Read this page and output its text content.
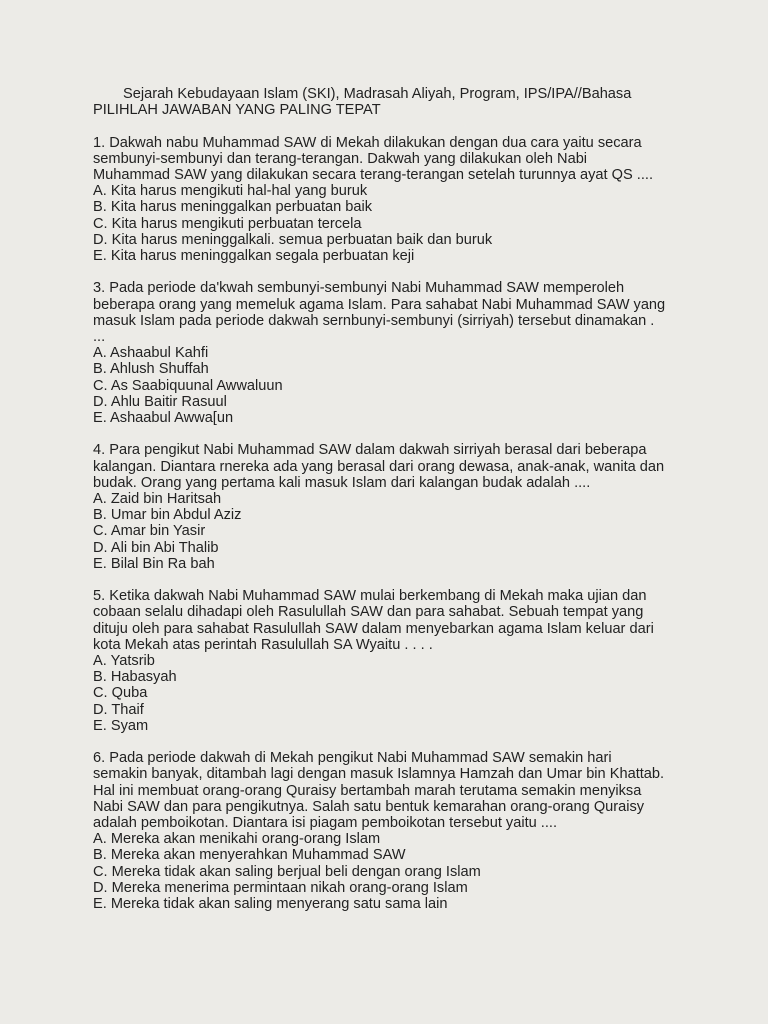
Sejarah Kebudayaan Islam (SKI), Madrasah Aliyah, Program, IPS/IPA//Bahasa
PILIHLAH JAWABAN YANG PALING TEPAT
1. Dakwah nabu Muhammad SAW di Mekah dilakukan dengan dua cara yaitu secara
sembunyi-sembunyi dan terang-terangan. Dakwah yang dilakukan oleh Nabi
Muhammad SAW yang dilakukan secara terang-terangan setelah turunnya ayat QS ....
A. Kita harus mengikuti hal-hal yang buruk
B. Kita harus meninggalkan perbuatan baik
C. Kita harus mengikuti perbuatan tercela
D. Kita harus meninggalkali. semua perbuatan baik dan buruk
E. Kita harus meninggalkan segala perbuatan keji
3. Pada periode da'kwah sembunyi-sembunyi Nabi Muhammad SAW memperoleh
beberapa orang yang memeluk agama Islam. Para sahabat Nabi Muhammad SAW yang
masuk Islam pada periode dakwah sernbunyi-sembunyi (sirriyah) tersebut dinamakan .
...
A. Ashaabul Kahfi
B. Ahlush Shuffah
C. As Saabiquunal Awwaluun
D. Ahlu Baitir Rasuul
E. Ashaabul Awwa[un
4. Para pengikut Nabi Muhammad SAW dalam dakwah sirriyah berasal dari beberapa
kalangan. Diantara rnereka ada yang berasal dari orang dewasa, anak-anak, wanita dan
budak. Orang yang pertama kali masuk Islam dari kalangan budak adalah ....
A. Zaid bin Haritsah
B. Umar bin Abdul Aziz
C. Amar bin Yasir
D. Ali bin Abi Thalib
E. Bilal Bin Ra bah
5. Ketika dakwah Nabi Muhammad SAW mulai berkembang di Mekah maka ujian dan
cobaan selalu dihadapi oleh Rasulullah SAW dan para sahabat. Sebuah tempat yang
dituju oleh para sahabat Rasulullah SAW dalam menyebarkan agama Islam keluar dari
kota Mekah atas perintah Rasulullah SA Wyaitu . . . .
A. Yatsrib
B. Habasyah
C. Quba
D. Thaif
E. Syam
6. Pada periode dakwah di Mekah pengikut Nabi Muhammad SAW semakin hari
semakin banyak, ditambah lagi dengan masuk Islamnya Hamzah dan Umar bin Khattab.
Hal ini membuat orang-orang Quraisy bertambah marah terutama semakin menyiksa
Nabi SAW dan para pengikutnya. Salah satu bentuk kemarahan orang-orang Quraisy
adalah pemboikotan. Diantara isi piagam pemboikotan tersebut yaitu ....
A. Mereka akan menikahi orang-orang Islam
B. Mereka akan menyerahkan Muhammad SAW
C. Mereka tidak akan saling berjual beli dengan orang Islam
D. Mereka menerima permintaan nikah orang-orang Islam
E. Mereka tidak akan saling menyerang satu sama lain
